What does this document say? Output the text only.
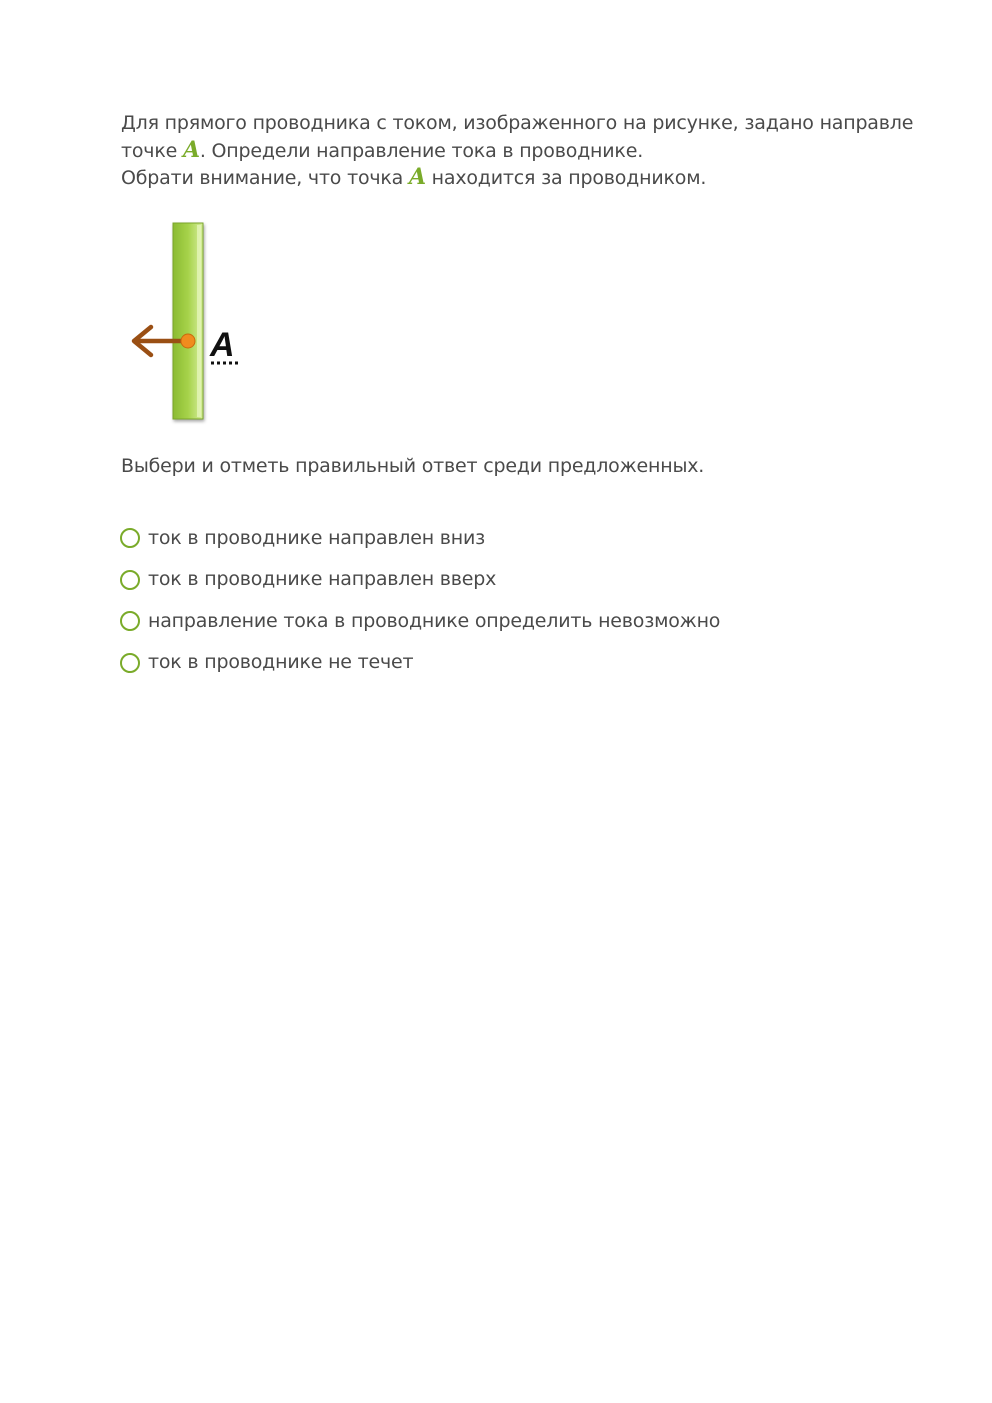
Для прямого проводника с током, изображенного на рисунке, задано направле
точке A. Определи направление тока в проводнике.
Обрати внимание, что точка A находится за проводником.
A
Выбери и отметь правильный ответ среди предложенных.
ток в проводнике направлен вниз
ток в проводнике направлен вверх
направление тока в проводнике определить невозможно
ток в проводнике не течет
